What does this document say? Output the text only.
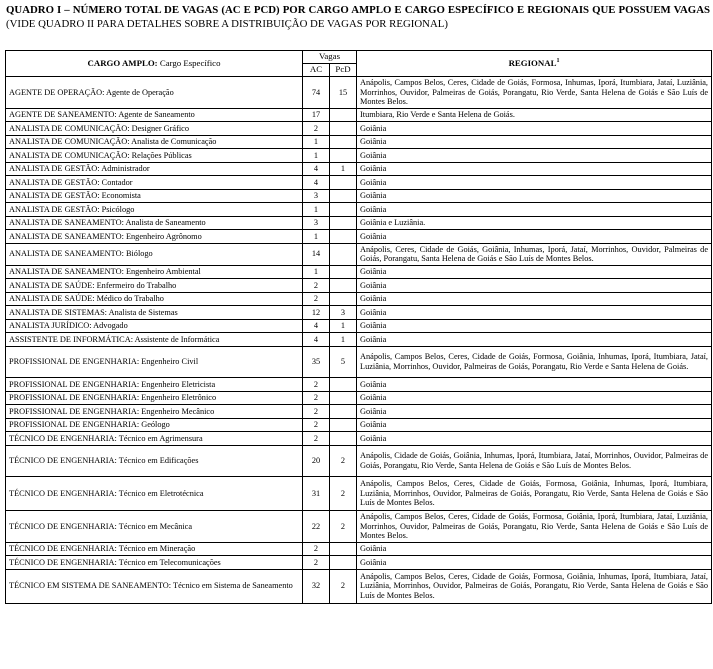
QUADRO I – NÚMERO TOTAL DE VAGAS (AC E PCD) POR CARGO AMPLO E CARGO ESPECÍFICO E REGIONAIS QUE POSSUEM VAGAS (VIDE QUADRO II PARA DETALHES SOBRE A DISTRIBUIÇÃO DE VAGAS POR REGIONAL)
CARGO AMPLO: Cargo Específico	Vagas		REGIONAL$^1$
	AC	PcD	
AGENTE DE OPERAÇÃO: Agente de Operação	74	15	Anápolis, Campos Belos, Ceres, Cidade de Goiás, Formosa, Inhumas, Iporá, Itumbiara, Jataí, Luziânia, Morrinhos, Ouvidor, Palmeiras de Goiás, Porangatu, Rio Verde, Santa Helena de Goiás e São Luís de Montes Belos.
AGENTE DE SANEAMENTO: Agente de Saneamento	17		Itumbiara, Rio Verde e Santa Helena de Goiás.
ANALISTA DE COMUNICAÇÃO: Designer Gráfico	2		Goiânia
ANALISTA DE COMUNICAÇÃO: Analista de Comunicação	1		Goiânia
ANALISTA DE COMUNICAÇÃO: Relações Públicas	1		Goiânia
ANALISTA DE GESTÃO: Administrador	4	1	Goiânia
ANALISTA DE GESTÃO: Contador	4		Goiânia
ANALISTA DE GESTÃO: Economista	3		Goiânia
ANALISTA DE GESTÃO: Psicólogo	1		Goiânia
ANALISTA DE SANEAMENTO: Analista de Saneamento	3		Goiânia e Luziânia.
ANALISTA DE SANEAMENTO: Engenheiro Agrônomo	1		Goiânia
ANALISTA DE SANEAMENTO: Biólogo	14		Anápolis, Ceres, Cidade de Goiás, Goiânia, Inhumas, Iporá, Jataí, Morrinhos, Ouvidor, Palmeiras de Goiás, Porangatu, Santa Helena de Goiás e São Luís de Montes Belos.
ANALISTA DE SANEAMENTO: Engenheiro Ambiental	1		Goiânia
ANALISTA DE SAÚDE: Enfermeiro do Trabalho	2		Goiânia
ANALISTA DE SAÚDE: Médico do Trabalho	2		Goiânia
ANALISTA DE SISTEMAS: Analista de Sistemas	12	3	Goiânia
ANALISTA JURÍDICO: Advogado	4	1	Goiânia
ASSISTENTE DE INFORMÁTICA: Assistente de Informática	4	1	Goiânia
PROFISSIONAL DE ENGENHARIA: Engenheiro Civil	35	5	Anápolis, Campos Belos, Ceres, Cidade de Goiás, Formosa, Goiânia, Inhumas, Iporá, Itumbiara, Jataí, Luziânia, Morrinhos, Ouvidor, Palmeiras de Goiás, Porangatu, Rio Verde e Santa Helena de Goiás.
PROFISSIONAL DE ENGENHARIA: Engenheiro Eletricista	2		Goiânia
PROFISSIONAL DE ENGENHARIA: Engenheiro Eletrônico	2		Goiânia
PROFISSIONAL DE ENGENHARIA: Engenheiro Mecânico	2		Goiânia
PROFISSIONAL DE ENGENHARIA: Geólogo	2		Goiânia
TÉCNICO DE ENGENHARIA: Técnico em Agrimensura	2		Goiânia
TÉCNICO DE ENGENHARIA: Técnico em Edificações	20	2	Anápolis, Cidade de Goiás, Goiânia, Inhumas, Iporá, Itumbiara, Jataí, Morrinhos, Ouvidor, Palmeiras de Goiás, Porangatu, Rio Verde, Santa Helena de Goiás e São Luís de Montes Belos.
TÉCNICO DE ENGENHARIA: Técnico em Eletrotécnica	31	2	Anápolis, Campos Belos, Ceres, Cidade de Goiás, Formosa, Goiânia, Inhumas, Iporá, Itumbiara, Luziânia, Morrinhos, Ouvidor, Palmeiras de Goiás, Porangatu, Rio Verde, Santa Helena de Goiás e São Luís de Montes Belos.
TÉCNICO DE ENGENHARIA: Técnico em Mecânica	22	2	Anápolis, Campos Belos, Ceres, Cidade de Goiás, Formosa, Goiânia, Iporá, Itumbiara, Jataí, Luziânia, Morrinhos, Ouvidor, Palmeiras de Goiás, Porangatu, Rio Verde, Santa Helena de Goiás e São Luís de Montes Belos.
TÉCNICO DE ENGENHARIA: Técnico em Mineração	2		Goiânia
TÉCNICO DE ENGENHARIA: Técnico em Telecomunicações	2		Goiânia
TÉCNICO EM SISTEMA DE SANEAMENTO: Técnico em Sistema de Saneamento	32	2	Anápolis, Campos Belos, Ceres, Cidade de Goiás, Formosa, Goiânia, Inhumas, Iporá, Itumbiara, Jataí, Luziânia, Morrinhos, Ouvidor, Palmeiras de Goiás, Porangatu, Rio Verde, Santa Helena de Goiás e São Luís de Montes Belos.
